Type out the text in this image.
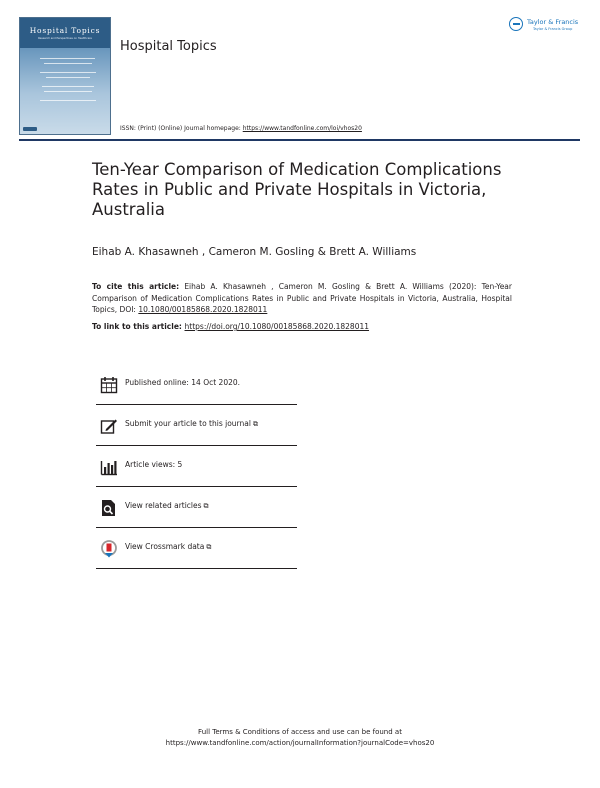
Hospital Topics
Research and Perspectives on Healthcare
Hospital Topics
ISSN: (Print) (Online) Journal homepage: https://www.tandfonline.com/loi/vhos20
Taylor & Francis
Taylor & Francis Group
Ten-Year Comparison of Medication Complications Rates in Public and Private Hospitals in Victoria, Australia
Eihab A. Khasawneh , Cameron M. Gosling & Brett A. Williams
To cite this article: Eihab A. Khasawneh , Cameron M. Gosling & Brett A. Williams (2020): Ten-Year Comparison of Medication Complications Rates in Public and Private Hospitals in Victoria, Australia, Hospital Topics, DOI: 10.1080/00185868.2020.1828011
To link to this article: https://doi.org/10.1080/00185868.2020.1828011
Published online: 14 Oct 2020.
Submit your article to this journal ⧉
Article views: 5
View related articles ⧉
View Crossmark data ⧉
Full Terms & Conditions of access and use can be found at
https://www.tandfonline.com/action/journalInformation?journalCode=vhos20
